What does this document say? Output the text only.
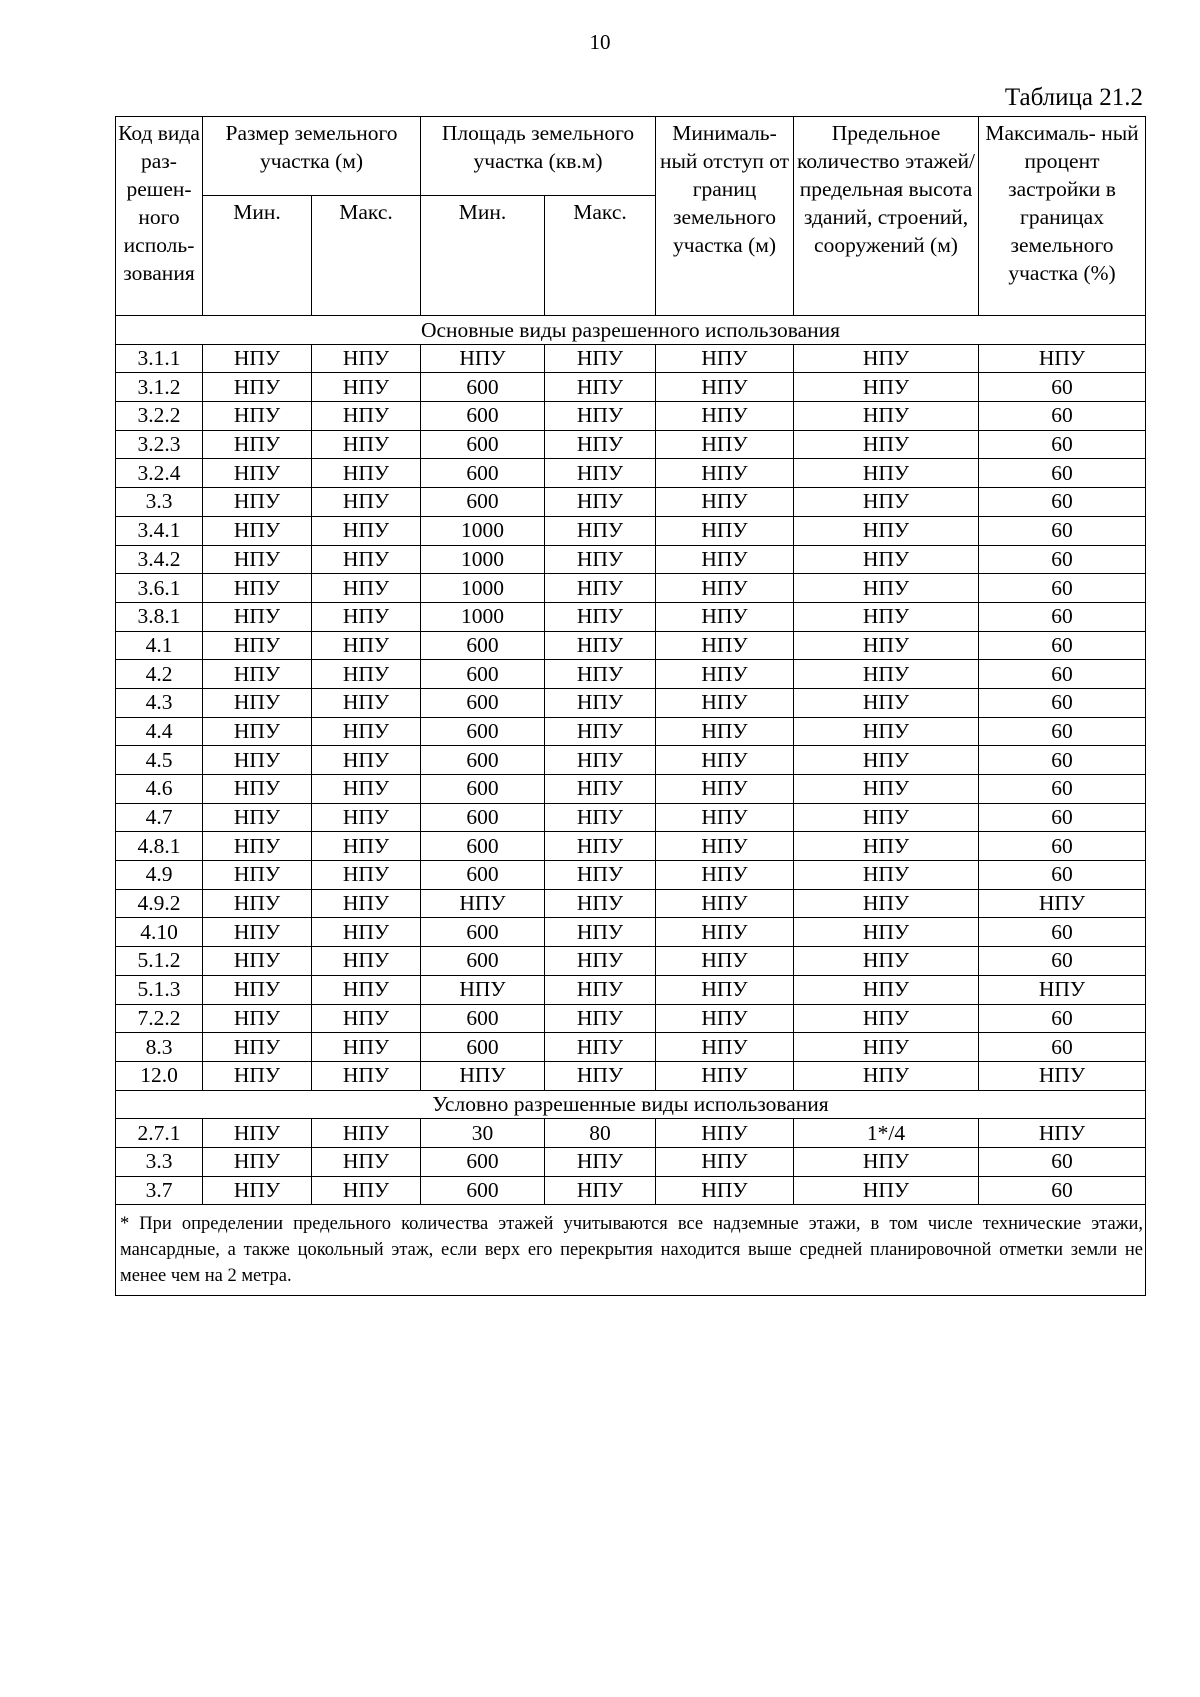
10
Таблица 21.2
Код вида раз- решен- ного исполь- зования	Размер земельного участка (м)		Площадь земельного участка (кв.м)		Минималь- ный отступ от границ земельного участка (м)	Предельное количество этажей/ предельная высота зданий, строений, сооружений (м)	Максималь- ный процент застройки в границах земельного участка (%)
	Мин.	Макс.	Мин.	Макс.			
Основные виды разрешенного использования							
3.1.1	НПУ	НПУ	НПУ	НПУ	НПУ	НПУ	НПУ
3.1.2	НПУ	НПУ	600	НПУ	НПУ	НПУ	60
3.2.2	НПУ	НПУ	600	НПУ	НПУ	НПУ	60
3.2.3	НПУ	НПУ	600	НПУ	НПУ	НПУ	60
3.2.4	НПУ	НПУ	600	НПУ	НПУ	НПУ	60
3.3	НПУ	НПУ	600	НПУ	НПУ	НПУ	60
3.4.1	НПУ	НПУ	1000	НПУ	НПУ	НПУ	60
3.4.2	НПУ	НПУ	1000	НПУ	НПУ	НПУ	60
3.6.1	НПУ	НПУ	1000	НПУ	НПУ	НПУ	60
3.8.1	НПУ	НПУ	1000	НПУ	НПУ	НПУ	60
4.1	НПУ	НПУ	600	НПУ	НПУ	НПУ	60
4.2	НПУ	НПУ	600	НПУ	НПУ	НПУ	60
4.3	НПУ	НПУ	600	НПУ	НПУ	НПУ	60
4.4	НПУ	НПУ	600	НПУ	НПУ	НПУ	60
4.5	НПУ	НПУ	600	НПУ	НПУ	НПУ	60
4.6	НПУ	НПУ	600	НПУ	НПУ	НПУ	60
4.7	НПУ	НПУ	600	НПУ	НПУ	НПУ	60
4.8.1	НПУ	НПУ	600	НПУ	НПУ	НПУ	60
4.9	НПУ	НПУ	600	НПУ	НПУ	НПУ	60
4.9.2	НПУ	НПУ	НПУ	НПУ	НПУ	НПУ	НПУ
4.10	НПУ	НПУ	600	НПУ	НПУ	НПУ	60
5.1.2	НПУ	НПУ	600	НПУ	НПУ	НПУ	60
5.1.3	НПУ	НПУ	НПУ	НПУ	НПУ	НПУ	НПУ
7.2.2	НПУ	НПУ	600	НПУ	НПУ	НПУ	60
8.3	НПУ	НПУ	600	НПУ	НПУ	НПУ	60
12.0	НПУ	НПУ	НПУ	НПУ	НПУ	НПУ	НПУ
Условно разрешенные виды использования							
2.7.1	НПУ	НПУ	30	80	НПУ	1*/4	НПУ
3.3	НПУ	НПУ	600	НПУ	НПУ	НПУ	60
3.7	НПУ	НПУ	600	НПУ	НПУ	НПУ	60
* При определении предельного количества этажей учитываются все надземные этажи, в том числе технические этажи, мансардные, а также цокольный этаж, если верх его перекрытия находится выше средней планировочной отметки земли не менее чем на 2 метра.							
